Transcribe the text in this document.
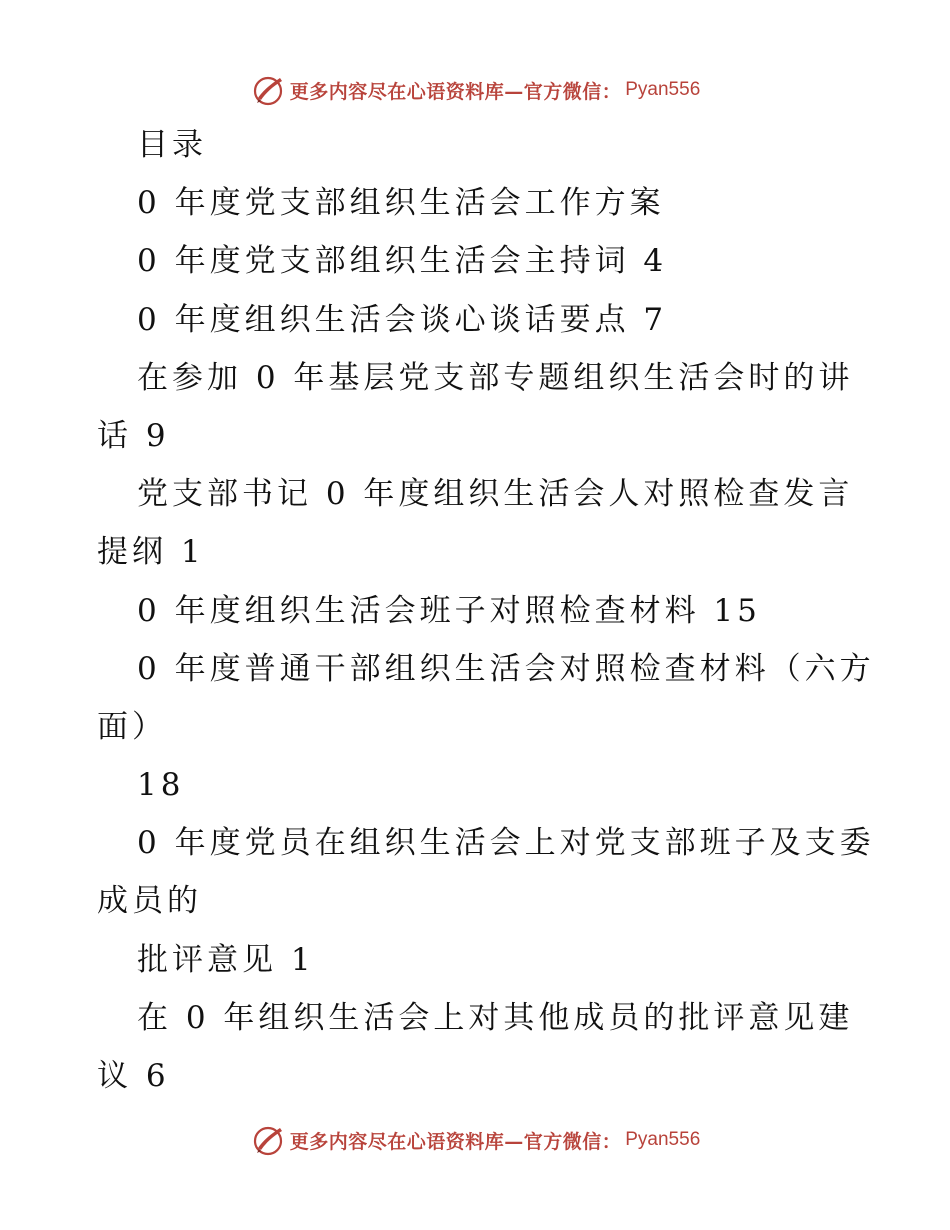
更多内容尽在心语资料库—官方微信： Pyan556
目录
0 年度党支部组织生活会工作方案
0 年度党支部组织生活会主持词 4
0 年度组织生活会谈心谈话要点 7
在参加 0 年基层党支部专题组织生活会时的讲
话 9
党支部书记 0 年度组织生活会人对照检查发言
提纲 1
0 年度组织生活会班子对照检查材料 15
0 年度普通干部组织生活会对照检查材料（六方
面）
18
0 年度党员在组织生活会上对党支部班子及支委
成员的
批评意见 1
在 0 年组织生活会上对其他成员的批评意见建
议 6
更多内容尽在心语资料库—官方微信： Pyan556
